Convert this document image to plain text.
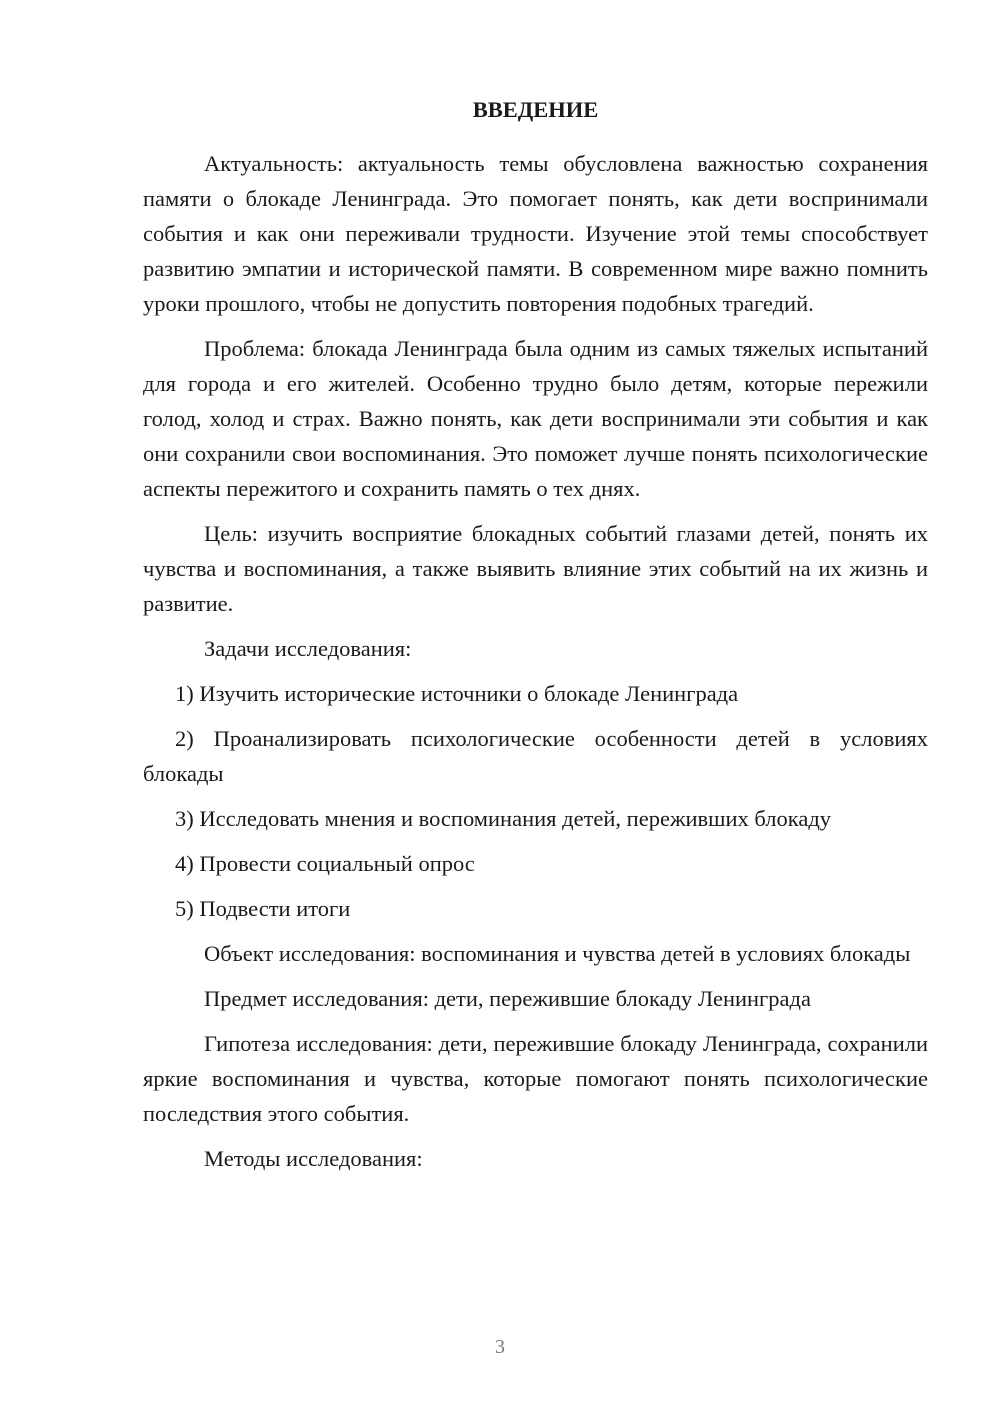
ВВЕДЕНИЕ

Актуальность: актуальность темы обусловлена важностью сохранения памяти о блокаде Ленинграда. Это помогает понять, как дети воспринимали события и как они переживали трудности. Изучение этой темы способствует развитию эмпатии и исторической памяти. В современном мире важно помнить уроки прошлого, чтобы не допустить повторения подобных трагедий.

Проблема: блокада Ленинграда была одним из самых тяжелых испытаний для города и его жителей. Особенно трудно было детям, которые пережили голод, холод и страх. Важно понять, как дети воспринимали эти события и как они сохранили свои воспоминания. Это поможет лучше понять психологические аспекты пережитого и сохранить память о тех днях.

Цель: изучить восприятие блокадных событий глазами детей, понять их чувства и воспоминания, а также выявить влияние этих событий на их жизнь и развитие.

Задачи исследования:

1) Изучить исторические источники о блокаде Ленинграда

2) Проанализировать психологические особенности детей в условиях блокады

3) Исследовать мнения и воспоминания детей, переживших блокаду

4) Провести социальный опрос

5) Подвести итоги

Объект исследования: воспоминания и чувства детей в условиях блокады

Предмет исследования: дети, пережившие блокаду Ленинграда

Гипотеза исследования: дети, пережившие блокаду Ленинграда, сохранили яркие воспоминания и чувства, которые помогают понять психологические последствия этого события.

Методы исследования:

3
